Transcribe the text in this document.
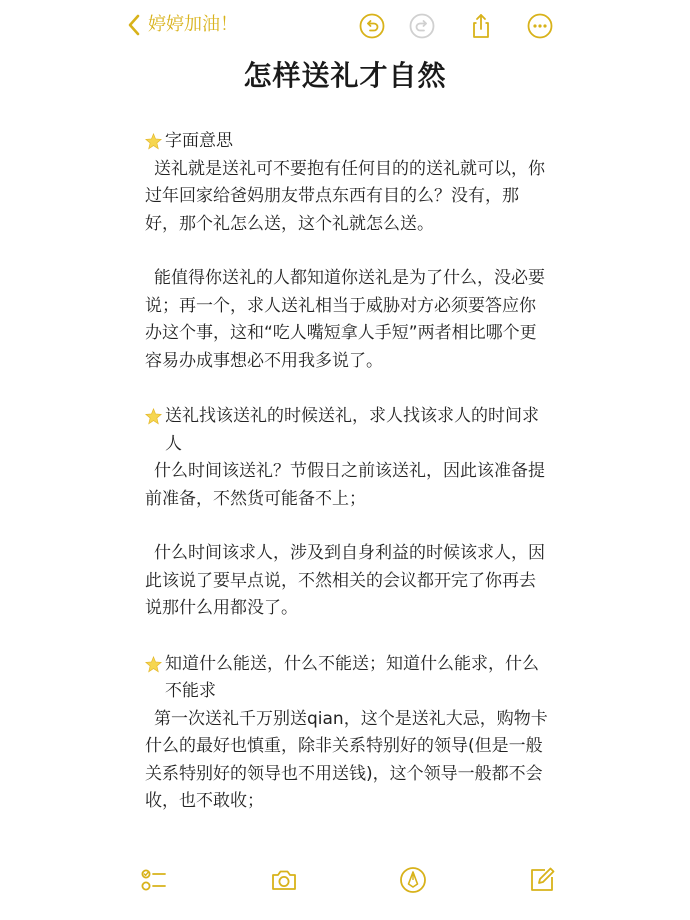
婷婷加油！
怎样送礼才自然

字面意思

送礼就是送礼可不要抱有任何目的的送礼就可以，你过年回家给爸妈朋友带点东西有目的么？没有，那好，那个礼怎么送，这个礼就怎么送。

能值得你送礼的人都知道你送礼是为了什么，没必要说；再一个，求人送礼相当于威胁对方必须要答应你办这个事，这和“吃人嘴短拿人手短”两者相比哪个更容易办成事想必不用我多说了。

送礼找该送礼的时候送礼，求人找该求人的时间求人

什么时间该送礼？节假日之前该送礼，因此该准备提前准备，不然货可能备不上；

什么时间该求人，涉及到自身利益的时候该求人，因此该说了要早点说，不然相关的会议都开完了你再去说那什么用都没了。

知道什么能送，什么不能送；知道什么能求，什么不能求

第一次送礼千万别送qian，这个是送礼大忌，购物卡什么的最好也慎重，除非关系特别好的领导(但是一般关系特别好的领导也不用送钱)，这个领导一般都不会收，也不敢收；
